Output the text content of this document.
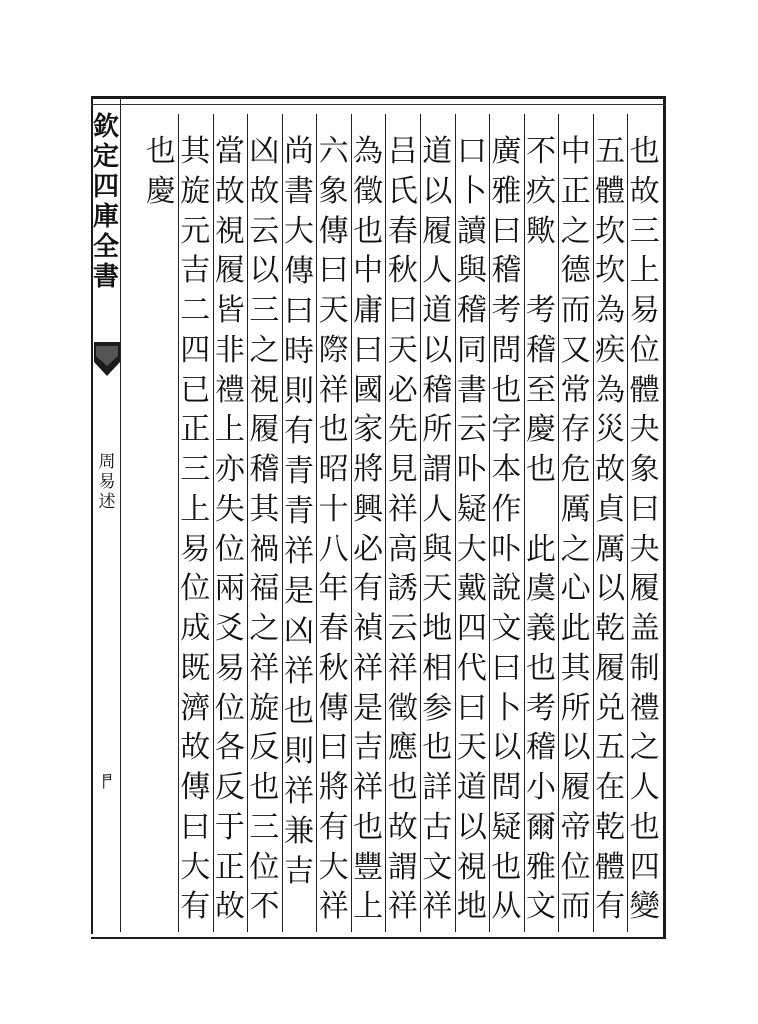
欽
定
四
庫
全
書
周
易
述
𠁣
也
故
三
上
易
位
體
夬
象
曰
夬
履
盖
制
禮
之
人
也
四
變
五
體
坎
坎
為
疾
為
災
故
貞
厲
以
乾
履
兑
五
在
乾
體
有
中
正
之
德
而
又
常
存
危
厲
之
心
此
其
所
以
履
帝
位
而
不
疚
歟

考
稽
至
慶
也

此
虞
義
也
考
稽
小
爾
雅
文
廣
雅
曰
稽
考
問
也
字
本
作
卟
說
文
曰
卜
以
問
疑
也
从
口
卜
讀
與
稽
同
書
云
卟
疑
大
戴
四
代
曰
天
道
以
視
地
道
以
履
人
道
以
稽
所
謂
人
與
天
地
相
参
也
詳
古
文
祥
吕
氏
春
秋
曰
天
必
先
見
祥
高
誘
云
祥
徵
應
也
故
謂
祥
為
徵
也
中
庸
曰
國
家
將
興
必
有
禎
祥
是
吉
祥
也
豐
上
六
象
傳
曰
天
際
祥
也
昭
十
八
年
春
秋
傳
曰
將
有
大
祥
尚
書
大
傳
曰
時
則
有
青
青
祥
是
凶
祥
也
則
祥
兼
吉
凶
故
云
以
三
之
視
履
稽
其
禍
福
之
祥
旋
反
也
三
位
不
當
故
視
履
皆
非
禮
上
亦
失
位
兩
爻
易
位
各
反
于
正
故
其
旋
元
吉
二
四
已
正
三
上
易
位
成
既
濟
故
傳
曰
大
有
也
慶
